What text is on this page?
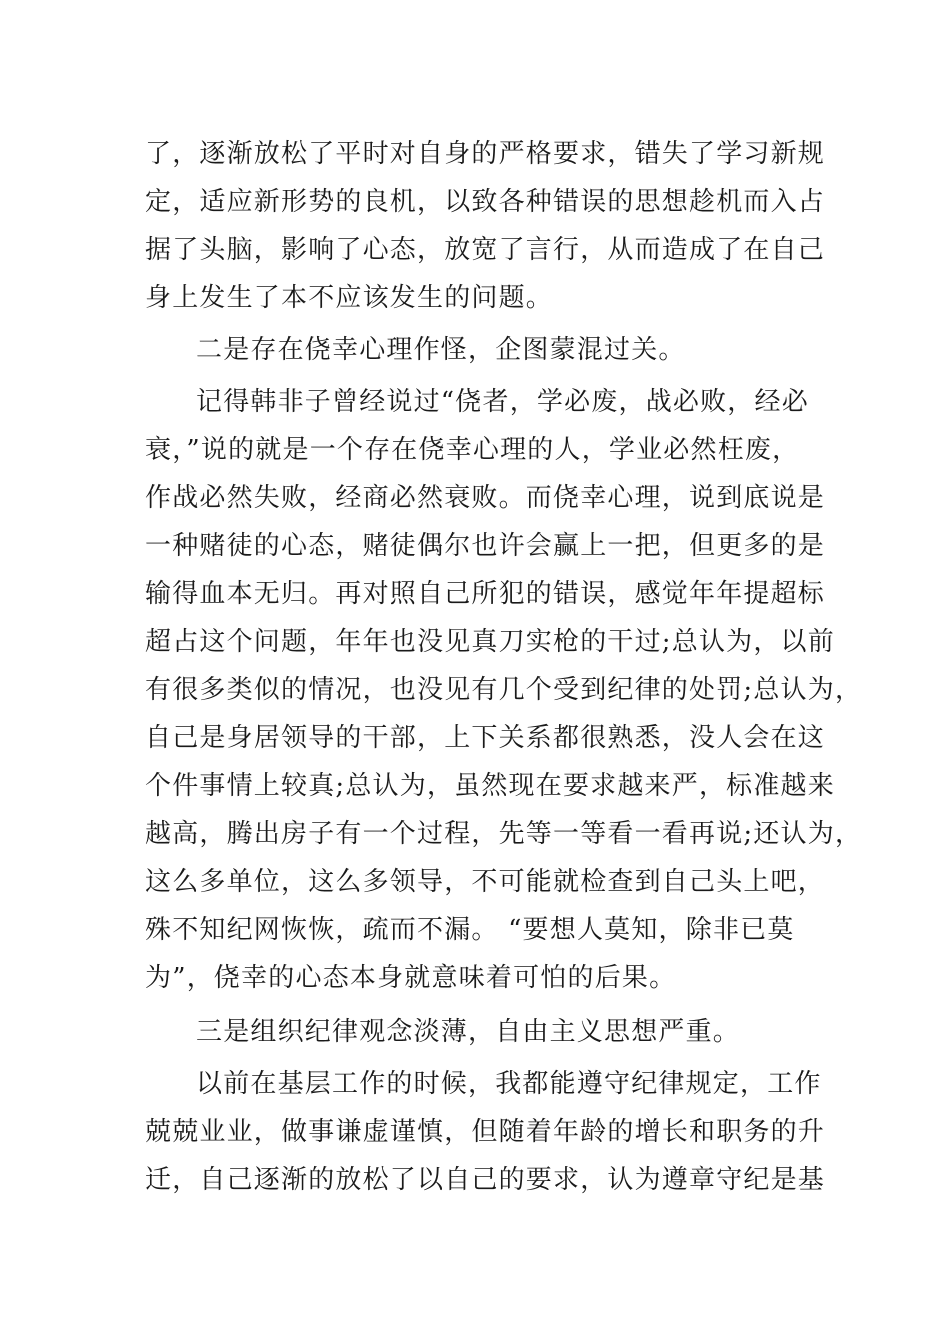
了，逐渐放松了平时对自身的严格要求，错失了学习新规
定，适应新形势的良机，以致各种错误的思想趁机而入占
据了头脑，影响了心态，放宽了言行，从而造成了在自己
身上发生了本不应该发生的问题。
二是存在侥幸心理作怪，企图蒙混过关。
记得韩非子曾经说过“侥者，学必废，战必败，经必
衰，”说的就是一个存在侥幸心理的人，学业必然枉废，
作战必然失败，经商必然衰败。而侥幸心理，说到底说是
一种赌徒的心态，赌徒偶尔也许会赢上一把，但更多的是
输得血本无归。再对照自己所犯的错误，感觉年年提超标
超占这个问题，年年也没见真刀实枪的干过;总认为，以前
有很多类似的情况，也没见有几个受到纪律的处罚;总认为，
自己是身居领导的干部，上下关系都很熟悉，没人会在这
个件事情上较真;总认为，虽然现在要求越来严，标准越来
越高，腾出房子有一个过程，先等一等看一看再说;还认为，
这么多单位，这么多领导，不可能就检查到自己头上吧，
殊不知纪网恢恢，疏而不漏。 “要想人莫知，除非已莫
为”，侥幸的心态本身就意味着可怕的后果。
三是组织纪律观念淡薄，自由主义思想严重。
以前在基层工作的时候，我都能遵守纪律规定，工作
兢兢业业，做事谦虚谨慎，但随着年龄的增长和职务的升
迁，自己逐渐的放松了以自己的要求，认为遵章守纪是基
